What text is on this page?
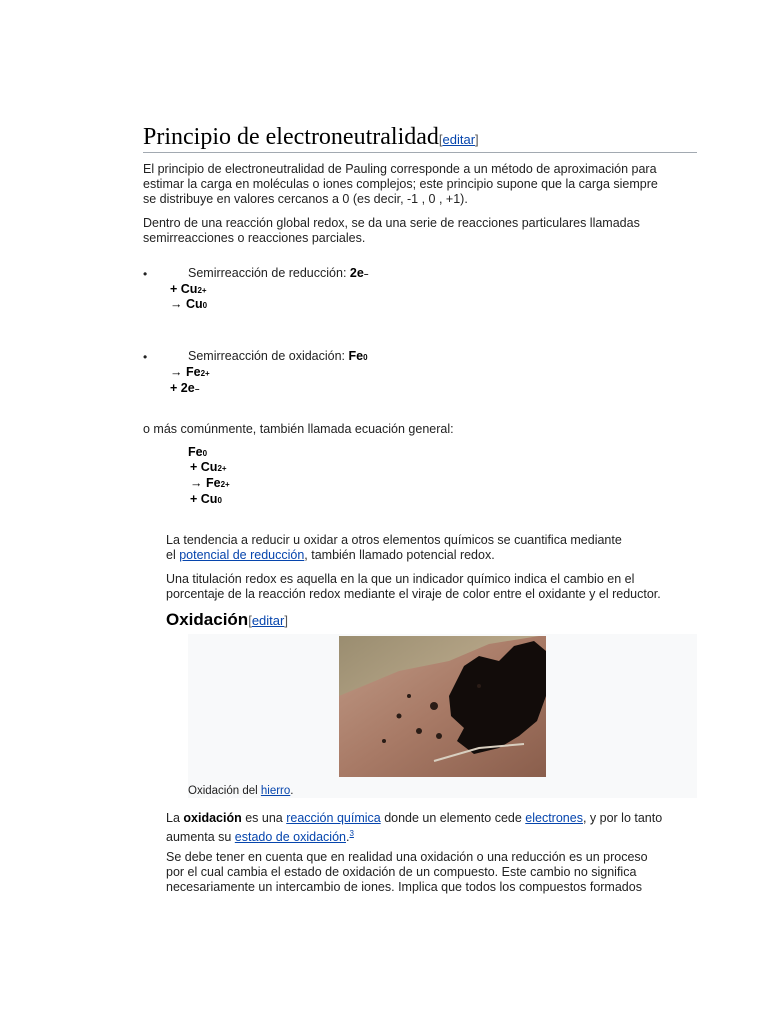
Principio de electroneutralidad[editar]

El principio de electroneutralidad de Pauling corresponde a un método de aproximación para

estimar la carga en moléculas o iones complejos; este principio supone que la carga siempre

se distribuye en valores cercanos a 0 (es decir, -1 , 0 , +1).

Dentro de una reacción global redox, se da una serie de reacciones particulares llamadas

semirreacciones o reacciones parciales.

•	Semirreacción de reducción: 2e−
+ Cu2+
→ Cu0
•	Semirreacción de oxidación: Fe0
→ Fe2+
+ 2e−
o más comúnmente, también llamada ecuación general:
Fe0
+ Cu2+
→ Fe2+
+ Cu0

La tendencia a reducir u oxidar a otros elementos químicos se cuantifica mediante

el potencial de reducción, también llamado potencial redox.

Una titulación redox es aquella en la que un indicador químico indica el cambio en el

porcentaje de la reacción redox mediante el viraje de color entre el oxidante y el reductor.

Oxidación[editar]
Oxidación del hierro.

La oxidación es una reacción química donde un elemento cede electrones, y por lo tanto

aumenta su estado de oxidación.$^3$

Se debe tener en cuenta que en realidad una oxidación o una reducción es un proceso

por el cual cambia el estado de oxidación de un compuesto. Este cambio no significa

necesariamente un intercambio de iones. Implica que todos los compuestos formados
